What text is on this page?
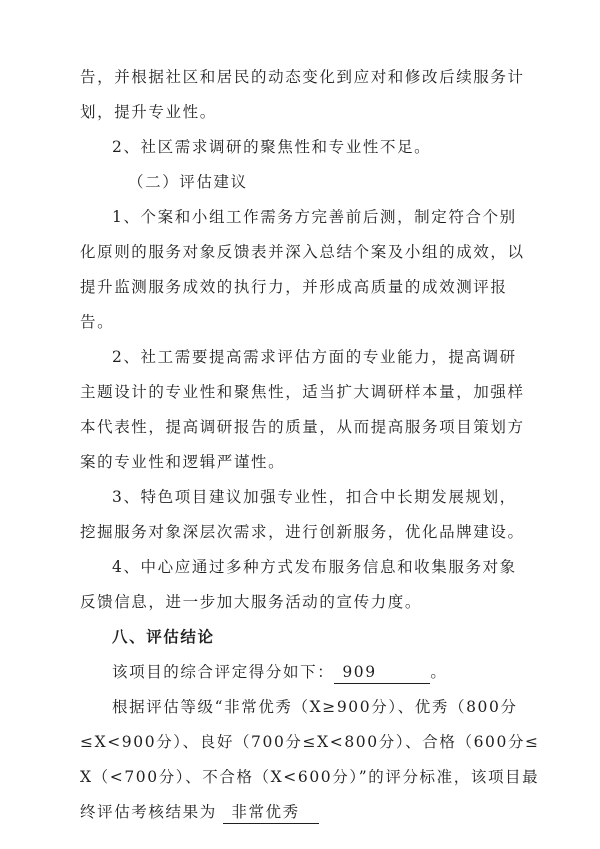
告，并根据社区和居民的动态变化到应对和修改后续服务计
划，提升专业性。
2、社区需求调研的聚焦性和专业性不足。
（二）评估建议
1、个案和小组工作需务方完善前后测，制定符合个别
化原则的服务对象反馈表并深入总结个案及小组的成效，以
提升监测服务成效的执行力，并形成高质量的成效测评报
告。
2、社工需要提高需求评估方面的专业能力，提高调研
主题设计的专业性和聚焦性，适当扩大调研样本量，加强样
本代表性，提高调研报告的质量，从而提高服务项目策划方
案的专业性和逻辑严谨性。
3、特色项目建议加强专业性，扣合中长期发展规划，
挖掘服务对象深层次需求，进行创新服务，优化品牌建设。
4、中心应通过多种方式发布服务信息和收集服务对象
反馈信息，进一步加大服务活动的宣传力度。
八、评估结论
该项目的综合评定得分如下： 909	。
根据评估等级“非常优秀（X≥900分）、优秀（800分
≤X<900分）、良好（700分≤X<800分）、合格（600分≤
X（<700分）、不合格（X<600分）”的评分标准，该项目最
终评估考核结果为 非常优秀
